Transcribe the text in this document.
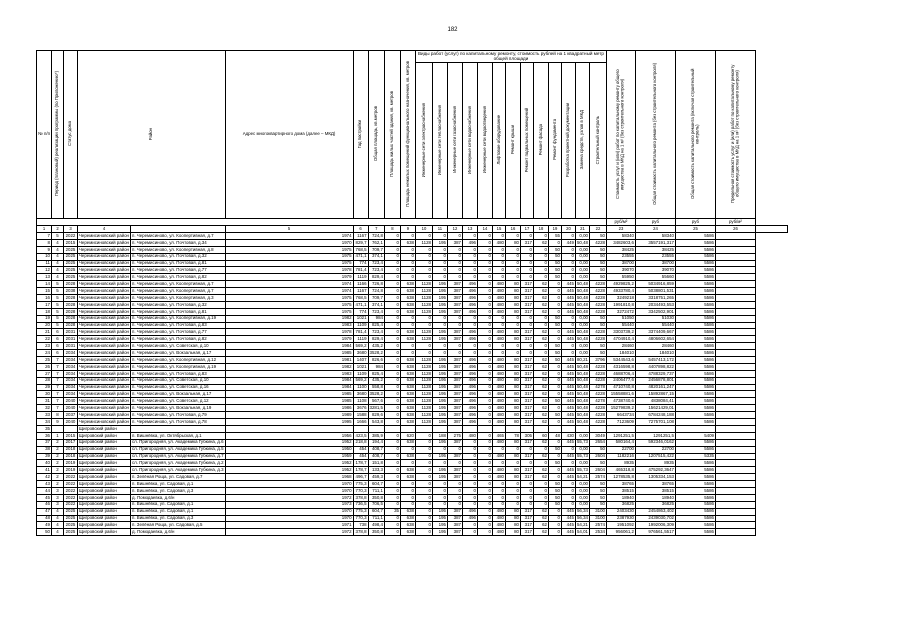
182
№ п/п	Период (плановый) реализации программы (по Приложению*)	Статус дома	Район		Адрес многоквартирного дома (далее – МКД)	Год постройки	Общая площадь, кв.метров	Площадь жилых частей здания, кв. метров	Площадь нежилых помещений функционального назначения, кв. метров	Виды работ (услуг) по капитальному ремонту, стоимость рублей на 1 квадратный метр общей площади													Стоимость услуг и (или) работ по капитальному ремонту общего имущества в МКД на 1 м² (без строительного контроля)	Общая стоимость капитального ремонта (без строительного контроля)	Общая стоимость капитального ремонта (включая строительный контроль)	Предельная стоимость услуг и (или) работ по капитальному ремонту общего имущества в МКД на 1 м² (без строительного контроля)	
										Инженерные сети электроснабжения	Инженерные сети теплоснабжения	Инженерные сети газоснабжения	Инженерные сети водоснабжения	Инженерные сети водоотведения	Лифтовое оборудование	Ремонт крыши	Ремонт подвальных помещений	Ремонт фасада	Ремонт фундамента	Разработка проектной документации	Замена средств, узлов в МКД	Строительный контроль					
																							руб/м²	руб	руб	руб/м²	
1	2	3	4		5	6	7	8	9	10	11	12	13	14	15	16	17	18	19	20	21	22	23	24	25	26	
7	5	2022	Черемисиновский район	п. Черемисиново, ул. Коопертивная, д.7	1974	1167	724,8	0	0	0	0	0	0	0	0	0	0	0	55	0	0,00	50	58340	58340	5586		
8	4	2015	Черемисиновский район	п. Черемисиново, ул. Почтовая, д.34	1970	829,7	762,1	0	638	1128	195	387	496	0	480	80	317	62	0	449	50,48	4228	3482603,6	3557191,317	5586		
9	4	2025	Черемисиновский район	п. Черемисиново, ул. Коопертивная, д.8	1975	768,5	709,7	0	0	0	0	0	0	0	0	0	0	0	50	0	0,00	50	38425	38425	5586		
10	4	2025	Черемисиновский район	п. Черемисиново, ул. Почтовая, д.32	1975	471,1	374,1	0	0	0	0	0	0	0	0	0	0	0	50	0	0,00	50	23555	23555	5586		
11	4	2025	Черемисиновский район	п. Черемисиново, ул. Почтовая, д.81	1975	774	723,4	0	0	0	0	0	0	0	0	0	0	0	50	0	0,00	50	38700	38700	5586		
12	4	2025	Черемисиновский район	п. Черемисиново, ул. Почтовая, д.77	1978	781,4	723,4	0	0	0	0	0	0	0	0	0	0	0	50	0	0,00	50	39070	39070	5586		
13	4	2025	Черемисиновский район	п. Черемисиново, ул. Почтовая, д.82	1979	1119	829,4	0	0	0	0	0	0	0	0	0	0	0	50	0	0,00	50	55950	55660	5586		
14	5	2028	Черемисиновский район	п. Черемисиново, ул. Коопертивная, д.7	1974	1166	726,8	0	638	1128	195	387	496	0	480	80	317	62	0	445	50,48	4228	4929825,2	5034916,859	5586		
15	5	2038	Черемисиновский район	п. Черемисиново, ул. Коопертивная, д.7	1974	1167	724,8	0	638	1128	195	387	496	0	480	80	317	62	0	445	50,48	4228	4933780,4	5038801,531	5586		
16	5	2028	Черемисиновский район	п. Черемисиново, ул. Коопертивная, д.3	1975	768,5	709,7	0	638	1128	195	387	496	0	480	80	317	62	0	445	50,48	4228	3249218	3318751,265	5586		
17	5	2028	Черемисиновский район	п. Черемисиново, ул. Почтовая, д.32	1975	471,1	374,1	0	638	1128	195	387	496	0	480	80	317	62	0	445	50,48	4228	1991810,8	2034493,553	5586		
18	5	2028	Черемисиновский район	п. Черемисиново, ул. Почтовая, д.81	1975	774	723,4	0	638	1128	195	387	496	0	480	80	317	62	0	445	50,48	4228	3272472	3342502,901	5586		
19	5	2028	Черемисиновский район	п. Черемисиново, ул. Коопертивная, д.19	1982	1021	984	0	0	0	0	0	0	0	0	0	0	0	50	0	0,00	50	51050	51030	5586		
20	5	2028	Черемисиновский район	п. Черемисиново, ул. Почтовая, д.83	1983	1109	825,4	0	0	0	0	0	0	0	0	0	0	0	50	0	0,00	50	55440	55440	5586		
21	6	2031	Черемисиновский район	п. Черемисиново, ул. Почтовая, д.77	1978	781,4	723,4	0	638	1128	195	387	496	0	480	80	317	62	0	445	50,48	4228	3303739,2	3374409,667	5586		
22	6	2031	Черемисиновский район	п. Черемисиново, ул. Почтовая, д.82	1979	1119	829,4	0	638	1128	195	387	496	0	480	80	317	62	0	445	50,48	4228	4704910,4	4806602,654	5586		
23	6	2031	Черемисиновский район	п. Черемисиново, ул. Советская, д.10	1984	569,2	435,2	0	0	0	0	0	0	0	0	0	0	0	50	0	0,00	50	28460	28460	5586		
24	6	2034	Черемисиновский район	п. Черемисиново, ул. Вокзальная, д.17	1985	3680	3528,2	0	0	0	0	0	0	0	0	0	0	0	50	0	0,00	50	184010	184010	5586		
25	7	2034	Черемисиновский район	п. Черемисиново, ул. Коопертивная, д.12	1981	1407	826,6	0	638	1128	195	387	496	0	480	80	317	62	50	445	80,21	3796	5344543,6	5457413,172	5586		
26	7	2034	Черемисиновский район	п. Черемисиново, ул. Коопертивная, д.19	1982	1021	984	0	638	1128	195	387	496	0	480	80	317	62	0	445	50,48	4228	4316598,8	4407898,822	5586		
27	7	2034	Черемисиновский район	п. Черемисиново, ул. Почтовая, д.83	1983	1109	825,4	0	638	1128	195	387	496	0	480	80	317	62	0	445	50,48	4228	4688706,4	4788329,737	5586		
28	7	2034	Черемисиновский район	п. Черемисиново, ул. Советская, д.10	1984	569,2	435,2	0	638	1128	195	387	496	0	480	80	317	62	0	445	50,48	4228	2406477,6	2456878,801	5586		
29	7	2034	Черемисиновский район	п. Черемисиново, ул. Советская, д.16	1984	1100	558,8	0	638	1128	195	387	496	0	480	80	317	62	0	445	50,48	4278	4710740,8	4820161,247	5586		
30	7	2034	Черемисиновский район	п. Черемисиново, ул. Вокзальная, д.17	1985	3680	3528,2	0	638	1128	195	387	496	0	480	80	317	62	0	445	50,48	4228	15558881,6	15892867,15	5586		
31	7	2040	Черемисиновский район	п. Черемисиново, ул. Советская, д.12	1985	1108	567,6	0	638	1128	195	387	496	0	480	80	317	62	50	445	50,48	4278	4738740,6	4838084,41	5586		
32	7	2040	Черемисиновский район	п. Черемисиново, ул. Вокзальная, д.19	1986	3676	3281,5	0	638	1128	195	387	496	0	480	80	317	62	0	445	50,48	4228	15279839,2	15621429,01	5586		
33	8	2037	Черемисиновский район	п. Черемисиново, ул. Почтовая, д.79	1989	1588	829,6	0	638	1128	195	387	496	0	480	80	317	62	50	445	50,48	4228	6643734	6784248,188	5586		
34	9	2040	Черемисиновский район	п. Черемисиново, ул. Почтовая, д.78	1995	1666	543,8	0	638	1128	195	387	496	0	480	80	317	62	0	445	50,48	4228	7123609	7275701,108	5586		
35			Щигровский район																								
36	1	2015	Щигровский район	п. Вишнёвка, ул. Октябрьская, д.1	1956	423,5	385,9	0	620	0	188	275	480	0	465	78	305	60	48	430	0,00	3049	1291251,5	1291251,5	5409		
37	2	2017	Щигровский район	сл. Пригородняя, ул. Академика Губкина, д.6	1952	218,8	194,4	0	638	0	195	387	0	0	480	80	317	62	0	445	55,73	2654	580164,4	592346,0162	5586		
38	2	2018	Щигровский район	сл. Пригородняя, ул. Академика Губкина, д.5	1950	454	408,7	0	0	0	0	0	0	0	0	0	0	0	50	0	0,00	50	22700	22700	5586		
39	2	2018	Щигровский район	сл. Пригородняя, ул. Академика Губкина, д.7	1959	454	408,7	0	638	0	195	387	0	0	480	80	317	62	0	445	55,73	2604	1182216	1207515,422	5335		
40	2	2019	Щигровский район	сл. Пригородняя, ул. Академика Губкина, д.2	1952	178,7	151,8	0	0	0	0	0	0	0	0	0	0	0	50	0	0,00	50	8935	8935	5586		
41	2	2019	Щигровский район	сл. Пригородняя, ул. Академика Губкина, д.3	1952	178,7	133,3	0	638	0	195	387	0	0	480	80	317	62	0	445	55,73	2604	465318,8	475292,3647	5586		
42	2	2022	Щигровский район	п. Зелёная Роща, ул. Садовая, д.7	1968	496,7	459,3	0	638	0	195	387	0	0	480	80	317	62	0	445	54,21	2574	1278535,8	1305334,153	5586		
43	2	2022	Щигровский район	п. Вишнёвка, ул. Садовая, д.1	1970	775,3	604,7	0	0	0	0	0	0	0	0	0	0	0	50	0	0,00	50	38765	38765	5586		
44	3	2022	Щигровский район	п. Вишнёвка, ул. Садовая, д.3	1970	770,3	711,1	0	0	0	0	0	0	0	0	0	0	0	50	0	0,00	50	38515	38515	5586		
45	3	2022	Щигровский район	д. Помодаевка, д.6/н	1972	378,8	350,8	0	0	0	0	0	0	0	0	0	0	0	50	0	0,00	50	18940	18940	5586		
46	3	2022	Щигровский район	п. Вишнёвка, ул. Садовая, д.1	1973	736,5	706,5	0	0	0	0	0	0	0	0	0	0	0	50	0	0,00	50	36825	36825	5586		
47	4	2025	Щигровский район	п. Вишнёвка, ул. Садовая, д.1	1970	775,3	604,7	35	638	0	195	387	496	0	480	80	317	62	0	445	56,34	3100	2403430	2454863,402	5586		
48	4	2025	Щигровский район	п. Вишнёвка, ул. Садовая, д.3	1970	770,3	711,1	0	638	0	195	387	496	0	480	80	317	62	0	445	56,34	3100	2387930	2439030,702	5586		
49	4	2025	Щигровский район	п. Зелёная Роща, ул. Садовая, д.5	1971	738	498,4	0	638	0	195	387	0	0	480	80	317	62	0	445	54,21	2574	1951092	1992006,309	5586		
50	4	2025	Щигровский район	д. Помодаевка, д.6/н	1972	378,8	350,8	0	638	0	195	387	0	0	480	80	317	62	0	445	54,01	2534	956061,2	976561,5517	5586		
